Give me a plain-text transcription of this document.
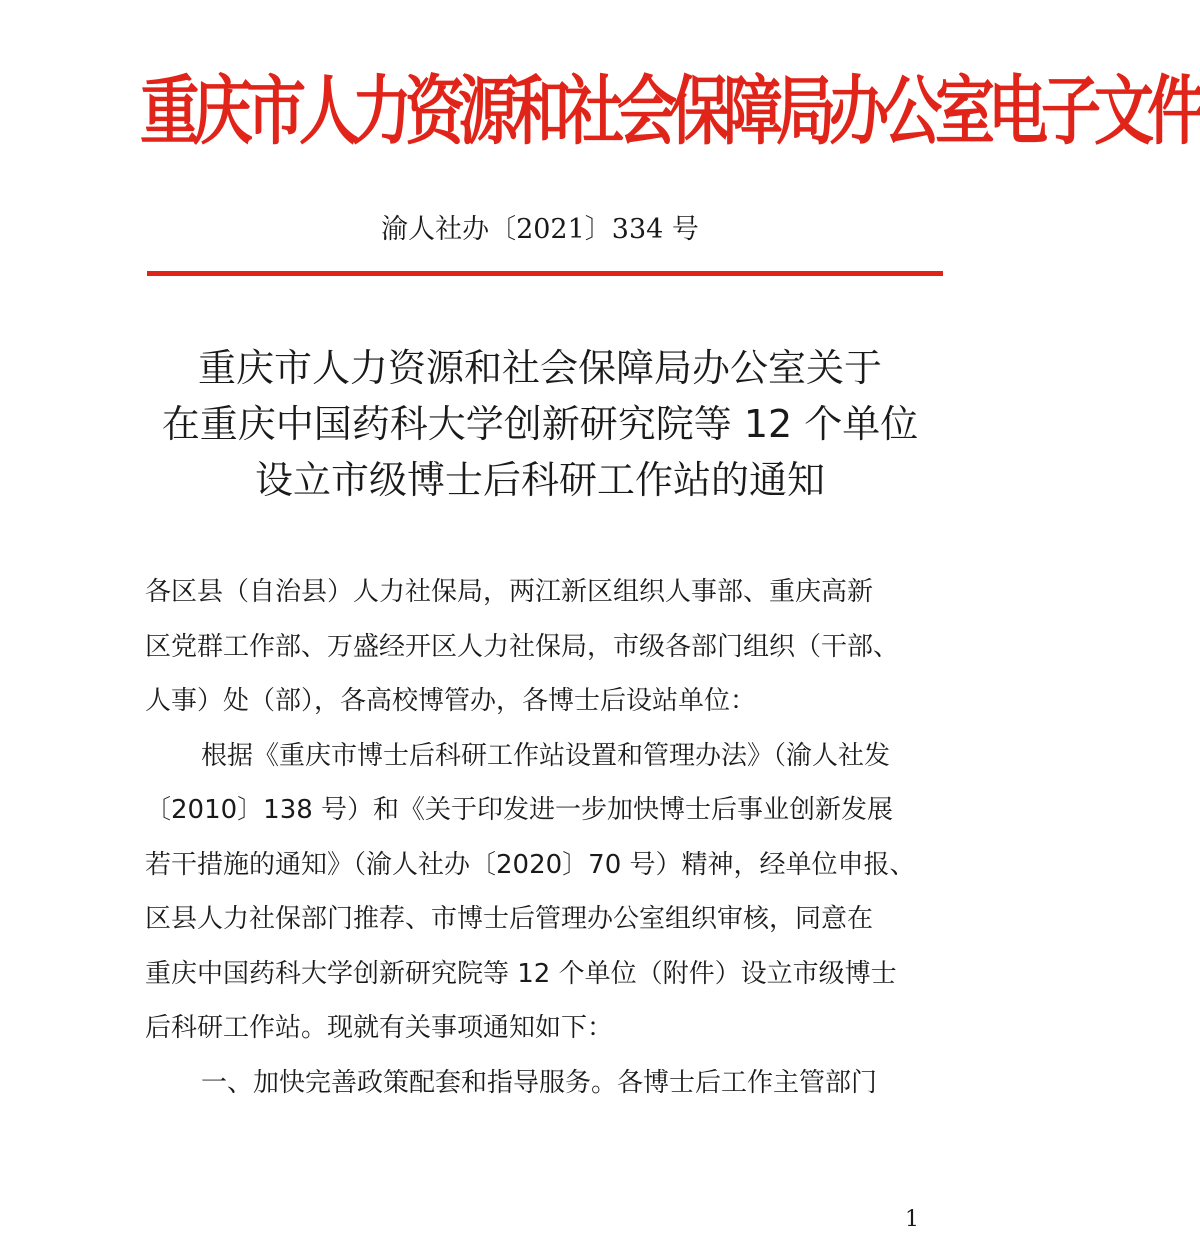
重庆市人力资源和社会保障局办公室电子文件
渝人社办〔2021〕334 号
重庆市人力资源和社会保障局办公室关于
在重庆中国药科大学创新研究院等 12 个单位
设立市级博士后科研工作站的通知
各区县（自治县）人力社保局，两江新区组织人事部、重庆高新
区党群工作部、万盛经开区人力社保局，市级各部门组织（干部、
人事）处（部），各高校博管办，各博士后设站单位：
根据《重庆市博士后科研工作站设置和管理办法》（渝人社发
〔2010〕138 号）和《关于印发进一步加快博士后事业创新发展
若干措施的通知》（渝人社办〔2020〕70 号）精神，经单位申报、
区县人力社保部门推荐、市博士后管理办公室组织审核，同意在
重庆中国药科大学创新研究院等 12 个单位（附件）设立市级博士
后科研工作站。现就有关事项通知如下：
一、加快完善政策配套和指导服务。各博士后工作主管部门
1
